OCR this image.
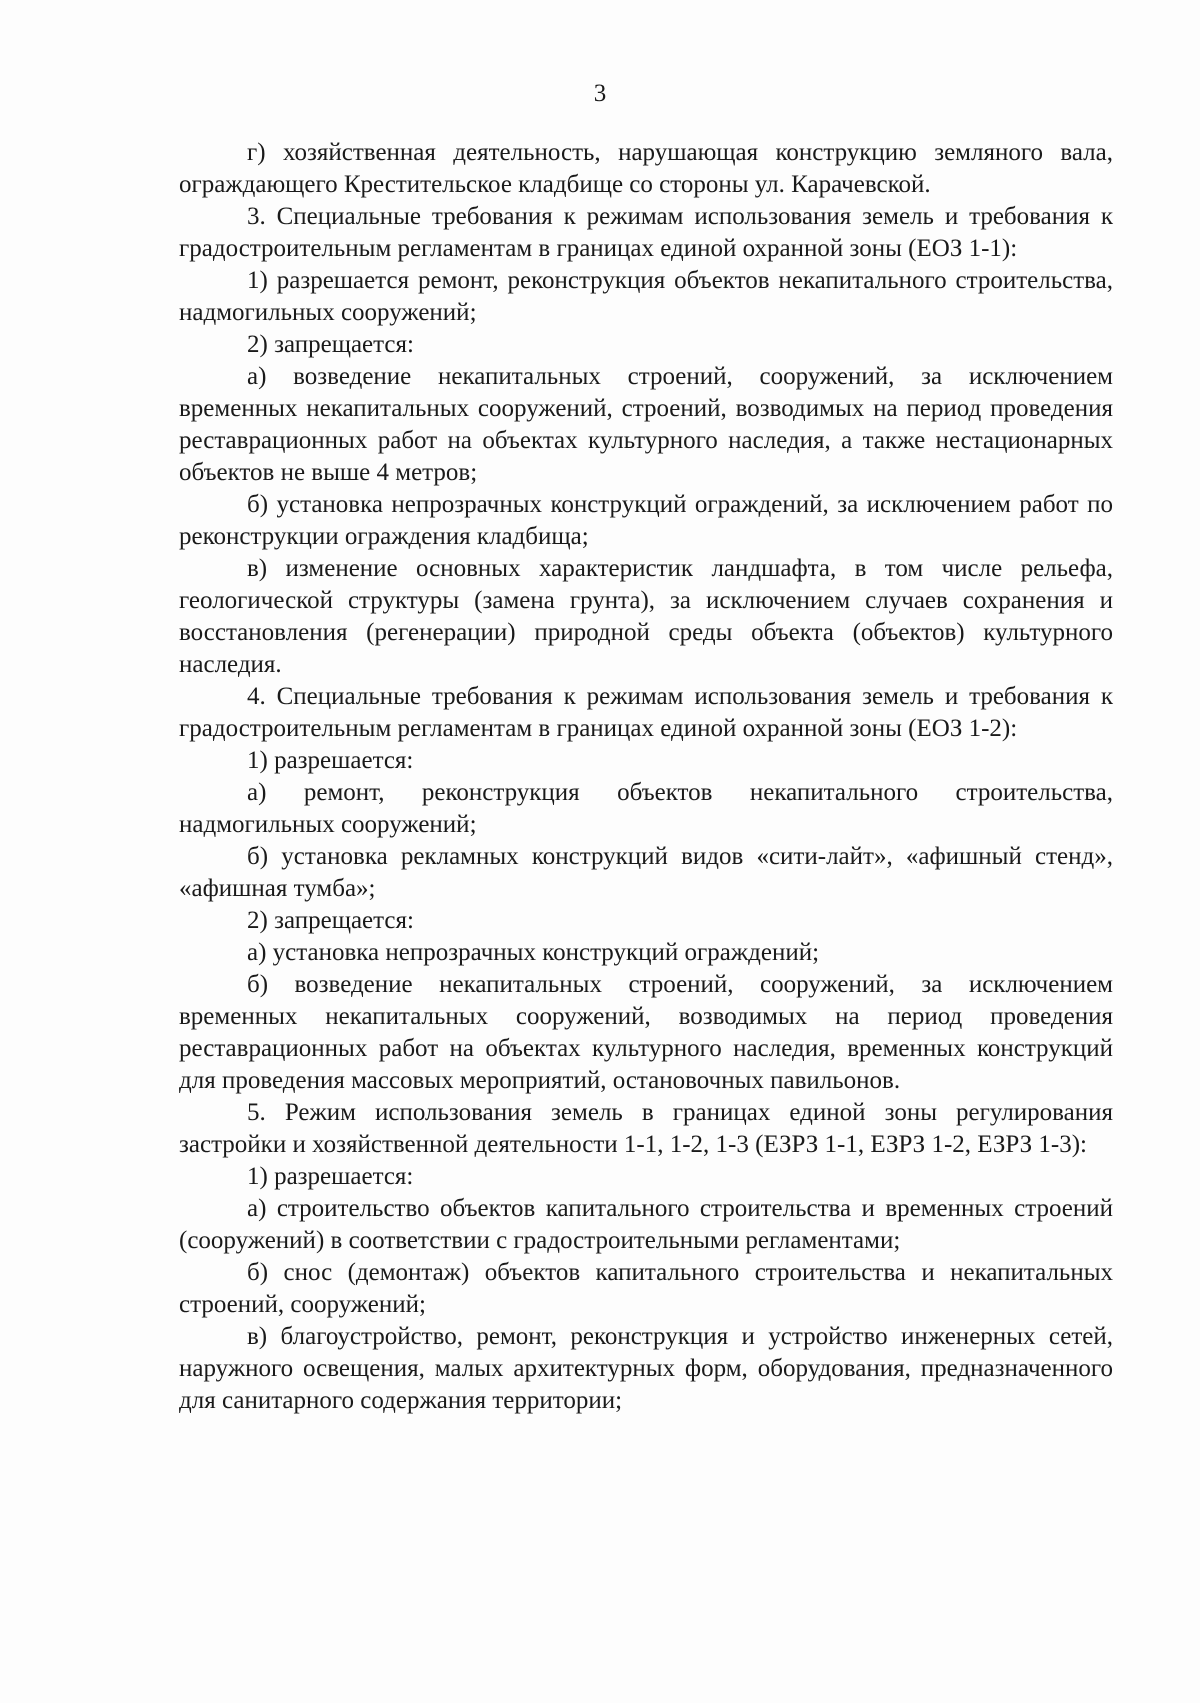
3

г) хозяйственная деятельность, нарушающая конструкцию земляного вала, ограждающего Крестительское кладбище со стороны ул. Карачевской.

3. Специальные требования к режимам использования земель и требования к градостроительным регламентам в границах единой охранной зоны (ЕОЗ 1-1):

1) разрешается ремонт, реконструкция объектов некапитального строительства, надмогильных сооружений;

2) запрещается:

а) возведение некапитальных строений, сооружений, за исключением временных некапитальных сооружений, строений, возводимых на период проведения реставрационных работ на объектах культурного наследия, а также нестационарных объектов не выше 4 метров;

б) установка непрозрачных конструкций ограждений, за исключением работ по реконструкции ограждения кладбища;

в) изменение основных характеристик ландшафта, в том числе рельефа, геологической структуры (замена грунта), за исключением случаев сохранения и восстановления (регенерации) природной среды объекта (объектов) культурного наследия.

4. Специальные требования к режимам использования земель и требования к градостроительным регламентам в границах единой охранной зоны (ЕОЗ 1-2):

1) разрешается:

а) ремонт, реконструкция объектов некапитального строительства, надмогильных сооружений;

б) установка рекламных конструкций видов «сити-лайт», «афишный стенд», «афишная тумба»;

2) запрещается:

а) установка непрозрачных конструкций ограждений;

б) возведение некапитальных строений, сооружений, за исключением временных некапитальных сооружений, возводимых на период проведения реставрационных работ на объектах культурного наследия, временных конструкций для проведения массовых мероприятий, остановочных павильонов.

5. Режим использования земель в границах единой зоны регулирования застройки и хозяйственной деятельности 1-1, 1-2, 1-3 (ЕЗРЗ 1-1, ЕЗРЗ 1-2, ЕЗРЗ 1-3):

1) разрешается:

а) строительство объектов капитального строительства и временных строений (сооружений) в соответствии с градостроительными регламентами;

б) снос (демонтаж) объектов капитального строительства и некапитальных строений, сооружений;

в) благоустройство, ремонт, реконструкция и устройство инженерных сетей, наружного освещения, малых архитектурных форм, оборудования, предназначенного для санитарного содержания территории;
